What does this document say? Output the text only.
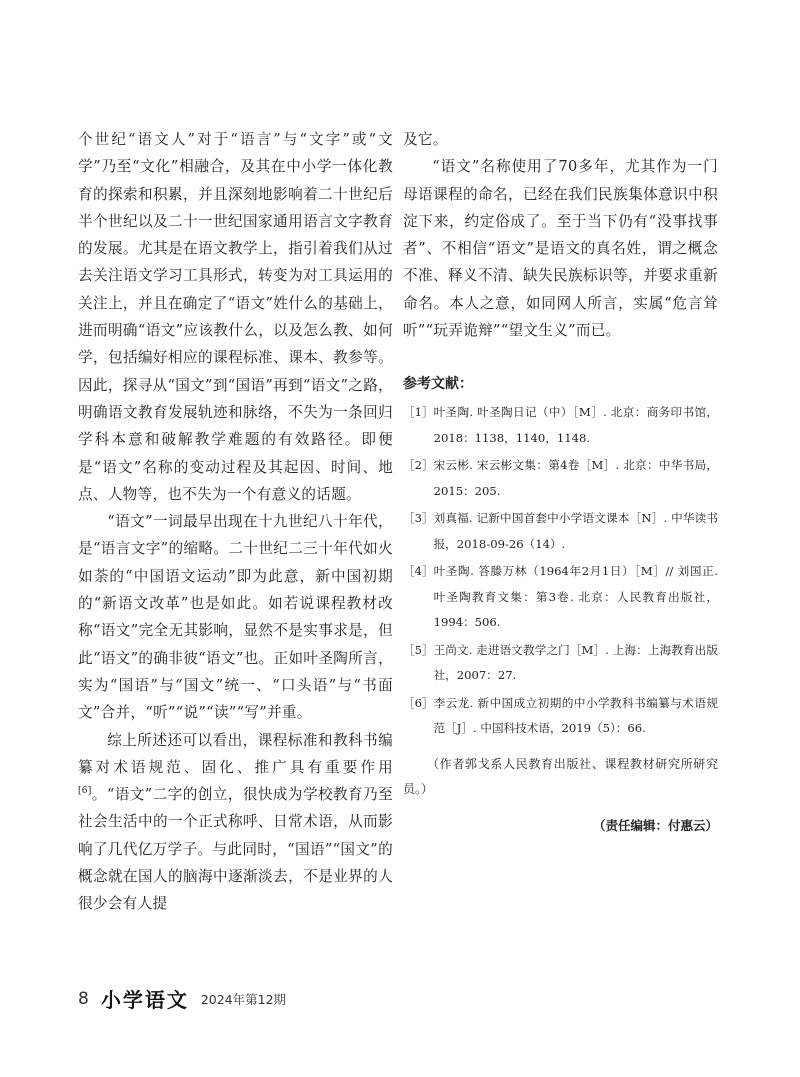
个世纪“语文人”对于“语言”与“文字”或“文学”乃至“文化”相融合，及其在中小学一体化教育的探索和积累，并且深刻地影响着二十世纪后半个世纪以及二十一世纪国家通用语言文字教育的发展。尤其是在语文教学上，指引着我们从过去关注语文学习工具形式，转变为对工具运用的关注上，并且在确定了“语文”姓什么的基础上，进而明确“语文”应该教什么，以及怎么教、如何学，包括编好相应的课程标准、课本、教参等。因此，探寻从“国文”到“国语”再到“语文”之路，明确语文教育发展轨迹和脉络，不失为一条回归学科本意和破解教学难题的有效路径。即便是“语文”名称的变动过程及其起因、时间、地点、人物等，也不失为一个有意义的话题。

“语文”一词最早出现在十九世纪八十年代，是“语言文字”的缩略。二十世纪二三十年代如火如荼的“中国语文运动”即为此意，新中国初期的“新语文改革”也是如此。如若说课程教材改称“语文”完全无其影响，显然不是实事求是，但此“语文”的确非彼“语文”也。正如叶圣陶所言，实为“国语”与“国文”统一、“口头语”与“书面文”合并，“听”“说”“读”“写”并重。

综上所述还可以看出，课程标准和教科书编纂对术语规范、固化、推广具有重要作用[6]。“语文”二字的创立，很快成为学校教育乃至社会生活中的一个正式称呼、日常术语，从而影响了几代亿万学子。与此同时，“国语”“国文”的概念就在国人的脑海中逐渐淡去，不是业界的人很少会有人提

及它。

“语文”名称使用了70多年，尤其作为一门母语课程的命名，已经在我们民族集体意识中积淀下来，约定俗成了。至于当下仍有“没事找事者”、不相信“语文”是语文的真名姓，谓之概念不准、释义不清、缺失民族标识等，并要求重新命名。本人之意，如同网人所言，实属“危言耸听”“玩弄诡辩”“望文生义”而已。

参考文献：
［1］ 叶圣陶. 叶圣陶日记（中）［M］. 北京：商务印书馆，2018：1138，1140，1148.
［2］ 宋云彬. 宋云彬文集：第4卷［M］. 北京：中华书局，2015：205.
［3］ 刘真福. 记新中国首套中小学语文课本［N］. 中华读书报，2018-09-26（14）.
［4］ 叶圣陶. 答滕万林（1964年2月1日）［M］// 刘国正. 叶圣陶教育文集：第3卷. 北京：人民教育出版社，1994：506.
［5］ 王尚文. 走进语文教学之门［M］. 上海：上海教育出版社，2007：27.
［6］ 李云龙. 新中国成立初期的中小学教科书编纂与术语规范［J］. 中国科技术语，2019（5）：66.

（作者郭戈系人民教育出版社、课程教材研究所研究员。）

（责任编辑：付惠云）

8 小学语文 2024年第12期
